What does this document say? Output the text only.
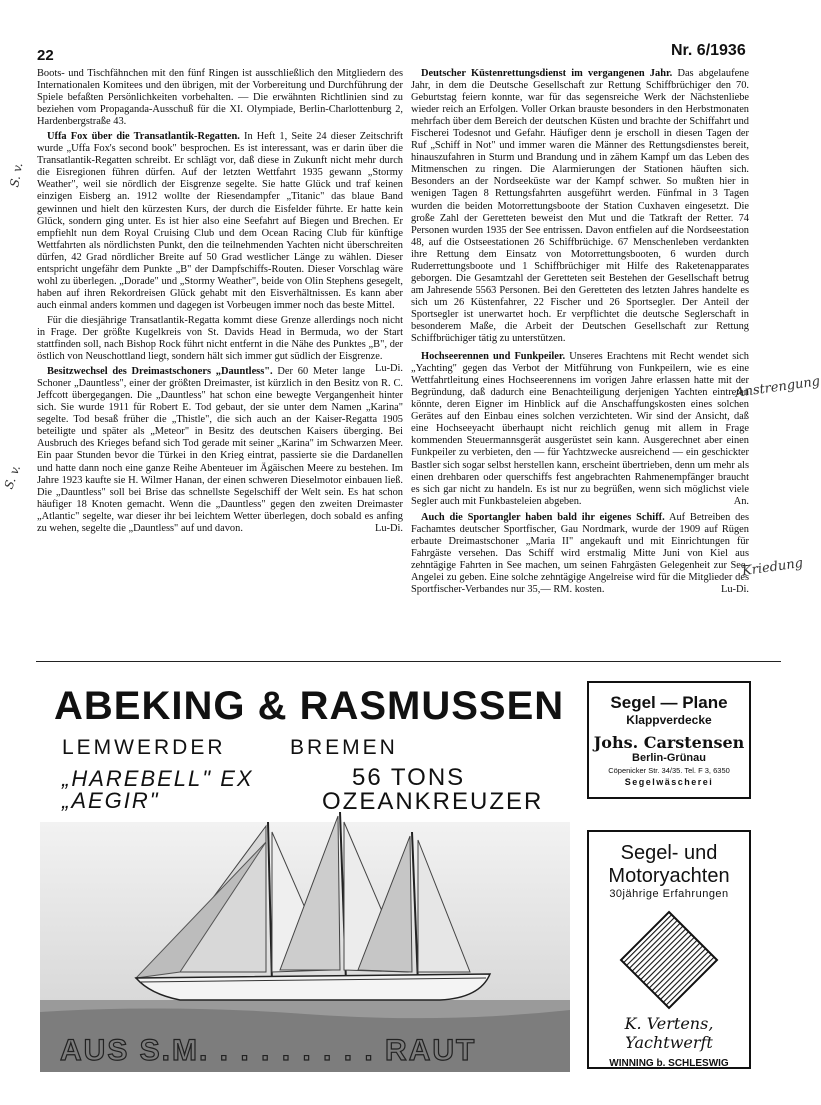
22	Nr. 6/1936
S. v.
S. v.
Anstrengung
Kriedung

Boots- und Tischfähnchen mit den fünf Ringen ist ausschließlich den Mitgliedern des Internationalen Komitees und den übrigen, mit der Vorbereitung und Durchführung der Spiele befaßten Persönlichkeiten vorbehalten. — Die erwähnten Richtlinien sind zu beziehen vom Propaganda-Ausschuß für die XI. Olympiade, Berlin-Charlottenburg 2, Hardenbergstraße 43.

Uffa Fox über die Transatlantik-Regatten. In Heft 1, Seite 24 dieser Zeitschrift wurde „Uffa Fox's second book" besprochen. Es ist interessant, was er darin über die Transatlantik-Regatten schreibt. Er schlägt vor, daß diese in Zukunft nicht mehr durch die Eisregionen führen dürfen. Auf der letzten Wettfahrt 1935 gewann „Stormy Weather", weil sie nördlich der Eisgrenze segelte. Sie hatte Glück und traf keinen einzigen Eisberg an. 1912 wollte der Riesendampfer „Titanic" das blaue Band gewinnen und hielt den kürzesten Kurs, der durch die Eisfelder führte. Er hatte kein Glück, sondern ging unter. Es ist hier also eine Seefahrt auf Biegen und Brechen. Er empfiehlt nun dem Royal Cruising Club und dem Ocean Racing Club für künftige Wettfahrten als nördlichsten Punkt, den die teilnehmenden Yachten nicht überschreiten dürfen, 42 Grad nördlicher Breite auf 50 Grad westlicher Länge zu wählen. Dieser entspricht ungefähr dem Punkte „B" der Dampfschiffs-Routen. Dieser Vorschlag wäre wohl zu überlegen. „Dorade" und „Stormy Weather", beide von Olin Stephens gesegelt, haben auf ihren Rekordreisen Glück gehabt mit den Eisverhältnissen. Es kann aber auch einmal anders kommen und dagegen ist Vorbeugen immer noch das beste Mittel.

Für die diesjährige Transatlantik-Regatta kommt diese Grenze allerdings noch nicht in Frage. Der größte Kugelkreis von St. Davids Head in Bermuda, wo der Start stattfinden soll, nach Bishop Rock führt nicht entfernt in die Nähe des Punktes „B", der östlich von Neuschottland liegt, sondern hält sich immer gut südlich der Eisgrenze.
Lu-Di.

Besitzwechsel des Dreimastschoners „Dauntless". Der 60 Meter lange Schoner „Dauntless", einer der größten Dreimaster, ist kürzlich in den Besitz von R. C. Jeffcott übergegangen. Die „Dauntless" hat schon eine bewegte Vergangenheit hinter sich. Sie wurde 1911 für Robert E. Tod gebaut, der sie unter dem Namen „Karina" segelte. Tod besaß früher die „Thistle", die sich auch an der Kaiser-Regatta 1905 beteiligte und später als „Meteor" in Besitz des deutschen Kaisers überging. Bei Ausbruch des Krieges befand sich Tod gerade mit seiner „Karina" im Schwarzen Meer. Ein paar Stunden bevor die Türkei in den Krieg eintrat, passierte sie die Dardanellen und hatte dann noch eine ganze Reihe Abenteuer im Ägäischen Meere zu bestehen. Im Jahre 1923 kaufte sie H. Wilmer Hanan, der einen schweren Dieselmotor einbauen ließ. Die „Dauntless" soll bei Brise das schnellste Segelschiff der Welt sein. Es hat schon häufiger 18 Knoten gemacht. Wenn die „Dauntless" gegen den zweiten Dreimaster „Atlantic" segelte, war dieser ihr bei leichtem Wetter überlegen, doch sobald es anfing zu wehen, segelte die „Dauntless" auf und davon.	Lu-Di.

Deutscher Küstenrettungsdienst im vergangenen Jahr. Das abgelaufene Jahr, in dem die Deutsche Gesellschaft zur Rettung Schiffbrüchiger den 70. Geburtstag feiern konnte, war für das segensreiche Werk der Nächstenliebe wieder reich an Erfolgen. Voller Orkan brauste besonders in den Herbstmonaten mehrfach über dem Bereich der deutschen Küsten und brachte der Schiffahrt und Fischerei Todesnot und Gefahr. Häufiger denn je erscholl in diesen Tagen der Ruf „Schiff in Not" und immer waren die Männer des Rettungsdienstes bereit, hinauszufahren in Sturm und Brandung und in zähem Kampf um das Leben des Mitmenschen zu ringen. Die Alarmierungen der Stationen häuften sich. Besonders an der Nordseeküste war der Kampf schwer. So mußten hier in wenigen Tagen 8 Rettungsfahrten ausgeführt werden. Fünfmal in 3 Tagen wurden die beiden Motorrettungsboote der Station Cuxhaven eingesetzt. Die große Zahl der Geretteten beweist den Mut und die Tatkraft der Retter. 74 Personen wurden 1935 der See entrissen. Davon entfielen auf die Nordseestation 48, auf die Ostseestationen 26 Schiffbrüchige. 67 Menschenleben verdankten ihre Rettung dem Einsatz von Motorrettungsbooten, 6 wurden durch Ruderrettungsboote und 1 Schiffbrüchiger mit Hilfe des Raketenapparates geborgen. Die Gesamtzahl der Geretteten seit Bestehen der Gesellschaft betrug am Jahresende 5563 Personen. Bei den Geretteten des letzten Jahres handelte es sich um 26 Küstenfahrer, 22 Fischer und 26 Sportsegler. Der Anteil der Sportsegler ist unerwartet hoch. Er verpflichtet die deutsche Seglerschaft in besonderem Maße, die Arbeit der Deutschen Gesellschaft zur Rettung Schiffbrüchiger tätig zu unterstützen.

Hochseerennen und Funkpeiler. Unseres Erachtens mit Recht wendet sich „Yachting" gegen das Verbot der Mitführung von Funkpeilern, wie es eine Wettfahrtleitung eines Hochseerennens im vorigen Jahre erlassen hatte mit der Begründung, daß dadurch eine Benachteiligung derjenigen Yachten eintreten könnte, deren Eigner im Hinblick auf die Anschaffungskosten eines solchen Gerätes auf den Einbau eines solchen verzichteten. Wir sind der Ansicht, daß eine Hochseeyacht überhaupt nicht reichlich genug mit allem in Frage kommenden Steuermannsgerät ausgerüstet sein kann. Ausgerechnet aber einen Funkpeiler zu verbieten, den — für Yachtzwecke ausreichend — ein geschickter Bastler sich sogar selbst herstellen kann, erscheint übertrieben, denn um mehr als einen drehbaren oder querschiffs fest angebrachten Rahmenempfänger braucht es sich gar nicht zu handeln. Es ist nur zu begrüßen, wenn sich möglichst viele Segler auch mit Funkbasteleien abgeben.	An.

Auch die Sportangler haben bald ihr eigenes Schiff. Auf Betreiben des Fachamtes deutscher Sportfischer, Gau Nordmark, wurde der 1909 auf Rügen erbaute Dreimastschoner „Maria II" angekauft und mit Einrichtungen für Fahrgäste versehen. Das Schiff wird erstmalig Mitte Juni von Kiel aus zehntägige Fahrten in See machen, um seinen Fahrgästen Gelegenheit zur See-Angelei zu geben. Eine solche zehntägige Angelreise wird für die Mitglieder des Sportfischer-Verbandes nur 35,— RM. kosten.	Lu-Di.

ABEKING & RASMUSSEN
LEMWERDER	BREMEN
„HAREBELL" EX
„AEGIR"
56 TONS
OZEANKREUZER
AUS S.M. . . . . . . . . RAUT
Segel — Plane
Klappverdecke
Johs. Carstensen
Berlin-Grünau
Cöpenicker Str. 34/35. Tel. F 3, 6350
Segelwäscherei
Segel- und
Motoryachten
30jährige Erfahrungen
K. Vertens,
Yachtwerft
WINNING b. SCHLESWIG
